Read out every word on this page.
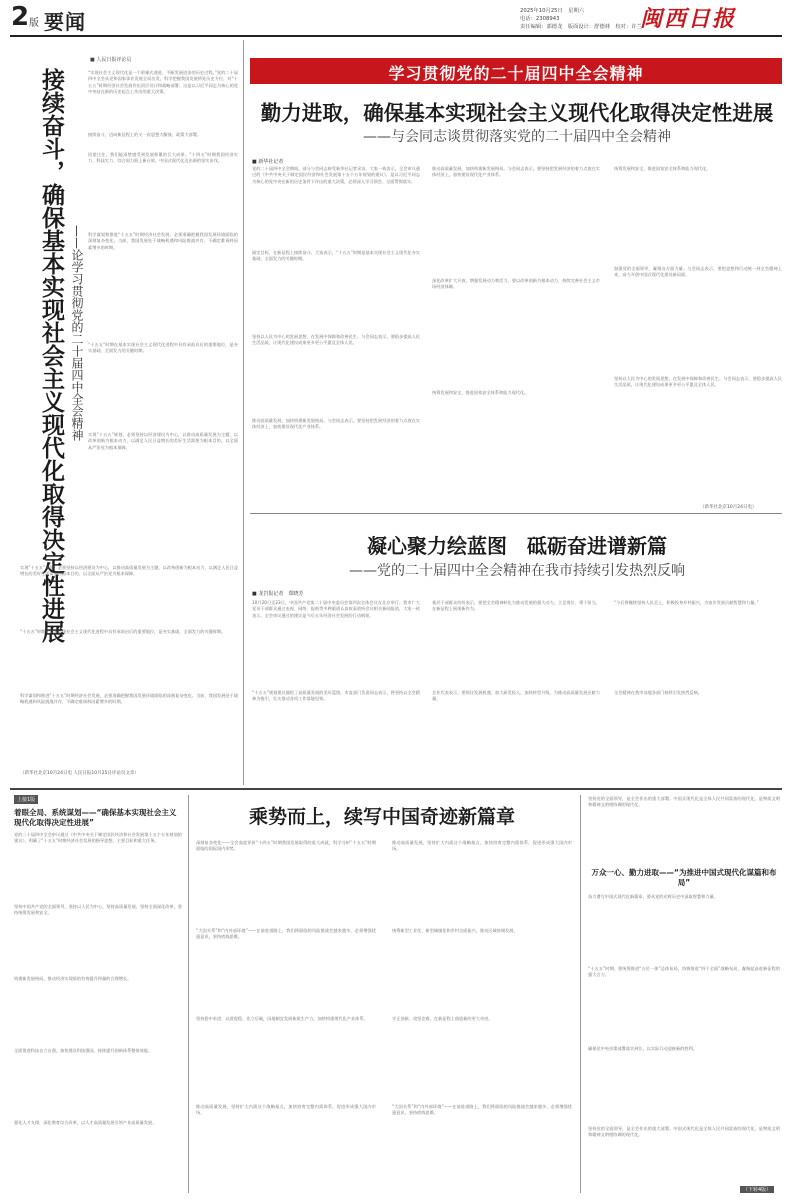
2 版 要闻	2025年10月25日　星期六
电话：2308943
责任编辑：郭德龙　版面设计：舒德林　校对：许兰
闽西日报
■ 人民日报评论员
接续奋斗，确保基本实现社会主义现代化取得决定性进展 ——论学习贯彻党的二十届四中全会精神

“实现社会主义现代化是一个阶梯式递进、不断发展进步的历史过程。”党的二十届四中全会从党和国家事业发展全局出发，科学把握我国发展所处历史方位，对“十五五”时期经济社会发展作出顶层设计和战略部署。这是以习近平同志为核心的党中央站在新的历史起点上作出的重大决策。

接续奋斗，迈向新征程上的又一次思想大解放、政策大部署。

回望过往，我们能清楚感受到发展积累的巨大成果。“十四五”时期我国经济实力、科技实力、综合国力跃上新台阶，中国式现代化迈出新的坚实步伐。

科学谋划和推进“十五五”时期经济社会发展，必须准确把握我国发展环境面临的深刻复杂变化。当前，我国发展处于战略机遇和风险挑战并存、不确定难预料因素增多的时期。

“十五五”时期在基本实现社会主义现代化进程中具有承前启后的重要地位，是夯实基础、全面发力的关键时期。

实现“十五五”规划，必须坚持以经济建设为中心，以推动高质量发展为主题，以改革创新为根本动力，以满足人民日益增长的美好生活需要为根本目的，以全面从严治党为根本保障。

实现“十五五”规划，必须坚持以经济建设为中心，以推动高质量发展为主题，以改革创新为根本动力，以满足人民日益增长的美好生活需要为根本目的，以全面从严治党为根本保障。

“十五五”时期在基本实现社会主义现代化进程中具有承前启后的重要地位，是夯实基础、全面发力的关键时期。

科学谋划和推进“十五五”时期经济社会发展，必须准确把握我国发展环境面临的深刻复杂变化。当前，我国发展处于战略机遇和风险挑战并存、不确定难预料因素增多的时期。

（新华社北京10月24日电 人民日报10月25日评论员文章）
学习贯彻党的二十届四中全会精神
勤力进取，确保基本实现社会主义现代化取得决定性进展
——与会同志谈贯彻落实党的二十届四中全会精神
■ 新华社记者

党的二十届四中全会期间，部分与会同志接受新华社记者采访。大家一致表示，全会审议通过的《中共中央关于制定国民经济和社会发展第十五个五年规划的建议》，是以习近平同志为核心的党中央在新的历史条件下作出的重大决策，必须深入学习领会、全面贯彻落实。

锚定目标，在新征程上接续奋斗。大家表示，“十五五”时期是基本实现社会主义现代化夯实基础、全面发力的关键时期。

坚持以人民为中心的发展思想，在发展中保障和改善民生。与会同志表示，要稳步提高人民生活品质，让现代化建设成果更多更公平惠及全体人民。

推动高质量发展，加快构建新发展格局。与会同志表示，要坚持把发展经济的着力点放在实体经济上，加快建设现代化产业体系。

推动高质量发展，加快构建新发展格局。与会同志表示，要坚持把发展经济的着力点放在实体经济上，加快建设现代化产业体系。

深化改革扩大开放，增强发展动力和活力。要以改革创新为根本动力，持续完善社会主义市场经济体制。

统筹发展和安全，推进国家安全体系和能力现代化。

统筹发展和安全，推进国家安全体系和能力现代化。

加强党的全面领导，凝聚各方面力量。与会同志表示，要把思想和行动统一到全会精神上来，奋力开创中国式现代化建设新局面。

坚持以人民为中心的发展思想，在发展中保障和改善民生。与会同志表示，要稳步提高人民生活品质，让现代化建设成果更多更公平惠及全体人民。

（新华社北京10月24日电）
凝心聚力绘蓝图　砥砺奋进谱新篇
——党的二十届四中全会精神在我市持续引发热烈反响
■ 龙岩报记者　郑晓芳

10月20日至23日，中国共产党第二十届中央委员会第四次全体会议在北京举行。我市广大党员干部群众通过电视、网络、报纸等多种渠道认真收看收听会议相关新闻报道，大家一致表示，全会审议通过的建议是今后五年经济社会发展的行动纲领。

“十五五”规划建议描绘了高质量发展的美好蓝图。市直部门负责同志表示，将坚持以全会精神为指引，扎实推动各项工作落地见效。

基层干部群众纷纷表示，要把全会精神转化为推动发展的强大动力，立足岗位、勇于担当，在新征程上展现新作为。

企业代表表示，要抓住发展机遇，加大研发投入，加快转型升级，为推动高质量发展贡献力量。

“今后将继续坚持人民至上，积极投身乡村振兴，为家乡发展贡献智慧和力量。”

全会精神在我市各地各部门持续引发热烈反响。

上接1版
着眼全局、系统谋划——“确保基本实现社会主义现代化取得决定性进展”

党的二十届四中全会审议通过《中共中央关于制定国民经济和社会发展第十五个五年规划的建议》，明确了“十五五”时期经济社会发展的指导思想、主要目标和重大任务。

坚持中国共产党的全面领导，坚持以人民为中心，坚持高质量发展，坚持全面深化改革，坚持统筹发展和安全。

构建新发展格局，推动经济实现质的有效提升和量的合理增长。

全面推进科技自立自强，加快建设科技强国，持续提升创新体系整体效能。

强化人才支撑，深化教育综合改革，以人才高质量发展引领产业高质量发展。

乘势而上，续写中国奇迹新篇章

深刻复杂变化——全会高度评价“十四五”时期我国发展取得的重大成就，科学分析“十五五”时期面临的国际国内形势。

“大国关系”和“内外部环境”——在前进道路上，我们将面临的风险挑战会越来越多，必须增强忧患意识，坚持底线思维。

坚持稳中求进、以进促稳、先立后破，因地制宜发展新质生产力，加快构建现代化产业体系。

推动高质量发展，坚持扩大内需这个战略基点，加快培育完整内需体系，促进形成强大国内市场。

推动高质量发展，坚持扩大内需这个战略基点，加快培育完整内需体系，促进形成强大国内市场。

统筹新型工业化、新型城镇化和乡村全面振兴，推动区域协调发展。

守正创新、攻坚克难，在新征程上创造新的更大奇迹。

“大国关系”和“内外部环境”——在前进道路上，我们将面临的风险挑战会越来越多，必须增强忧患意识，坚持底线思维。

坚持党的全面领导，是全会作出的重大部署。中国式现代化是全体人民共同富裕的现代化，是物质文明和精神文明相协调的现代化。

万众一心、勤力进取——“为推进中国式现代化谋篇和布局”

奋力谱写中国式现代化新篇章，要从党的光辉历史中汲取智慧和力量。

“十五五”时期，要统筹推进“五位一体”总体布局，协调推进“四个全面”战略布局，凝聚起奋进新征程的强大合力。

确保党中央决策部署落实到位，以实际行动迎接新的胜利。

坚持党的全面领导，是全会作出的重大部署。中国式现代化是全体人民共同富裕的现代化，是物质文明和精神文明相协调的现代化。

（下转4版）
